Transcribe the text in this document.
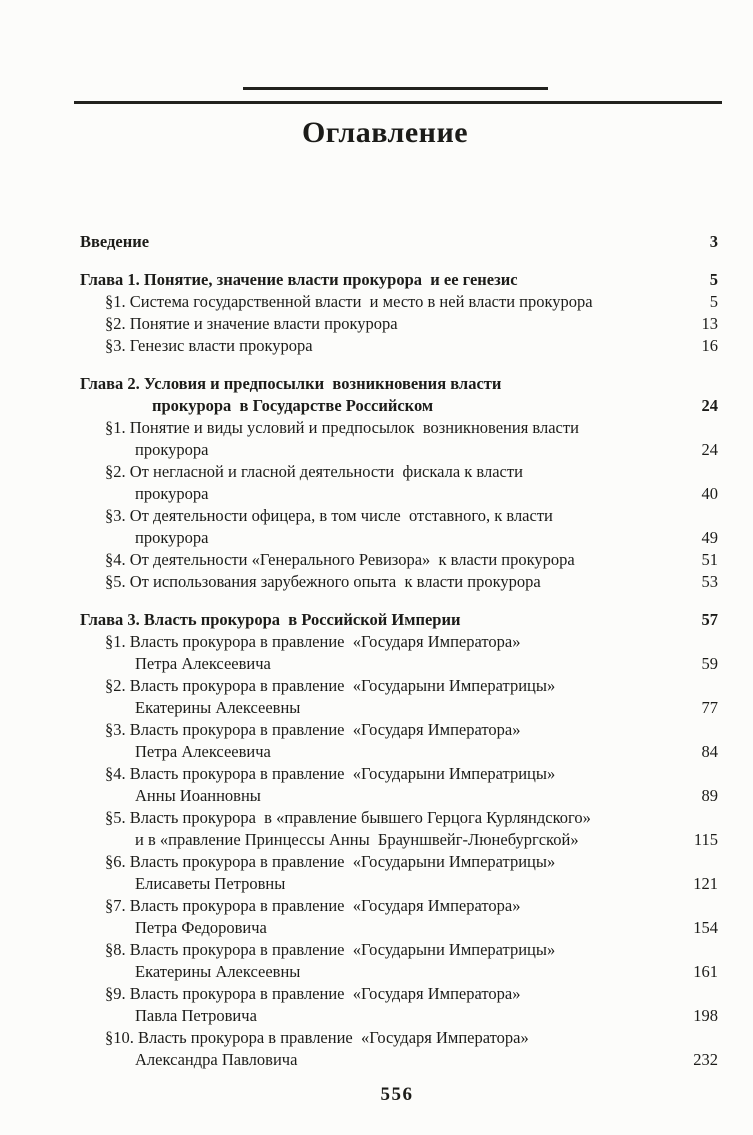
Оглавление
Введение	3
Глава 1. Понятие, значение власти прокурора  и ее генезис	5
§1. Система государственной власти  и место в ней власти прокурора	5
§2. Понятие и значение власти прокурора	13
§3. Генезис власти прокурора	16
Глава 2. Условия и предпосылки  возникновения власти
прокурора  в Государстве Российском	24
§1. Понятие и виды условий и предпосылок  возникновения власти
прокурора	24
§2. От негласной и гласной деятельности  фискала к власти
прокурора	40
§3. От деятельности офицера, в том числе  отставного, к власти
прокурора	49
§4. От деятельности «Генерального Ревизора»  к власти прокурора	51
§5. От использования зарубежного опыта  к власти прокурора	53
Глава 3. Власть прокурора  в Российской Империи	57
§1. Власть прокурора в правление  «Государя Императора»
Петра Алексеевича	59
§2. Власть прокурора в правление  «Государыни Императрицы»
Екатерины Алексеевны	77
§3. Власть прокурора в правление  «Государя Императора»
Петра Алексеевича	84
§4. Власть прокурора в правление  «Государыни Императрицы»
Анны Иоанновны	89
§5. Власть прокурора  в «правление бывшего Герцога Курляндского»
и в «правление Принцессы Анны  Брауншвейг-Люнебургской»	115
§6. Власть прокурора в правление  «Государыни Императрицы»
Елисаветы Петровны	121
§7. Власть прокурора в правление  «Государя Императора»
Петра Федоровича	154
§8. Власть прокурора в правление  «Государыни Императрицы»
Екатерины Алексеевны	161
§9. Власть прокурора в правление  «Государя Императора»
Павла Петровича	198
§10. Власть прокурора в правление  «Государя Императора»
Александра Павловича	232
556
